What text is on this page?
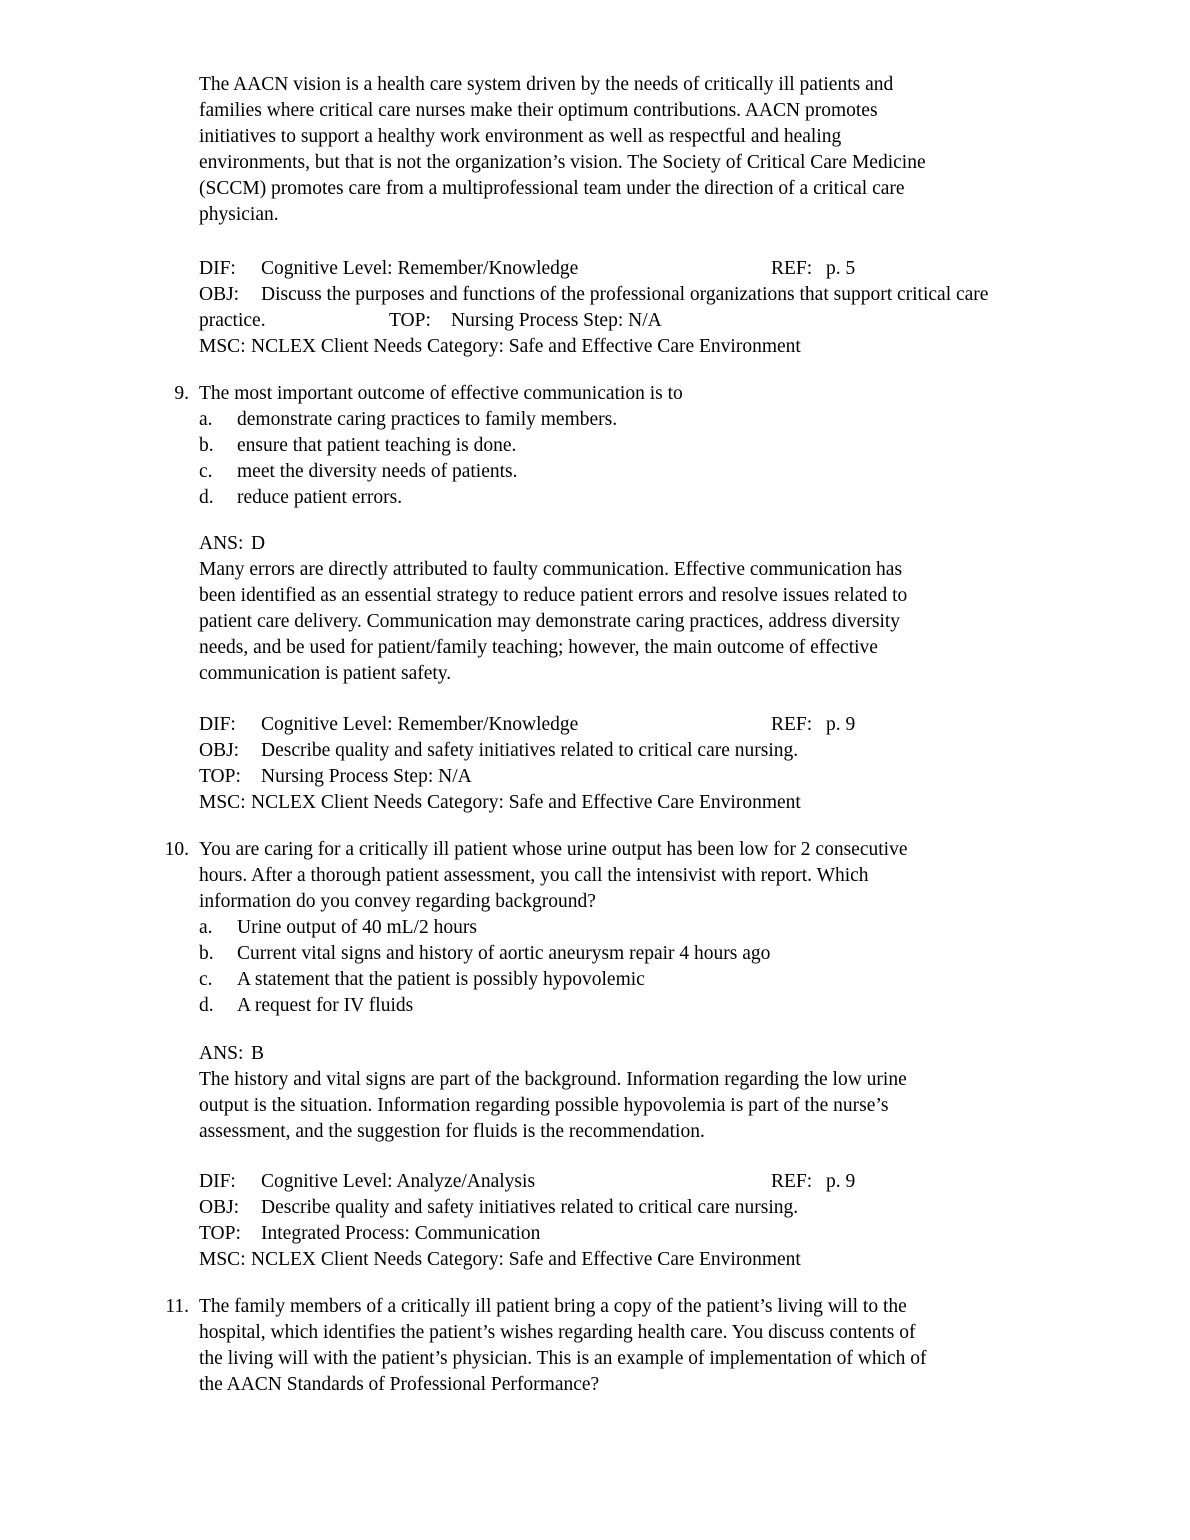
The AACN vision is a health care system driven by the needs of critically ill patients and
families where critical care nurses make their optimum contributions. AACN promotes
initiatives to support a healthy work environment as well as respectful and healing
environments, but that is not the organization’s vision. The Society of Critical Care Medicine
(SCCM) promotes care from a multiprofessional team under the direction of a critical care
physician.
DIF: Cognitive Level: Remember/Knowledge	REF: p. 5
OBJ: Discuss the purposes and functions of the professional organizations that support critical care
practice.	TOP: Nursing Process Step: N/A
MSC: NCLEX Client Needs Category: Safe and Effective Care Environment
9. The most important outcome of effective communication is to
a.	demonstrate caring practices to family members.
b.	ensure that patient teaching is done.
c.	meet the diversity needs of patients.
d.	reduce patient errors.
ANS: D
Many errors are directly attributed to faulty communication. Effective communication has
been identified as an essential strategy to reduce patient errors and resolve issues related to
patient care delivery. Communication may demonstrate caring practices, address diversity
needs, and be used for patient/family teaching; however, the main outcome of effective
communication is patient safety.
DIF: Cognitive Level: Remember/Knowledge	REF: p. 9
OBJ: Describe quality and safety initiatives related to critical care nursing.
TOP: Nursing Process Step: N/A
MSC: NCLEX Client Needs Category: Safe and Effective Care Environment
10. You are caring for a critically ill patient whose urine output has been low for 2 consecutive
hours. After a thorough patient assessment, you call the intensivist with report. Which
information do you convey regarding background?
a.	Urine output of 40 mL/2 hours
b.	Current vital signs and history of aortic aneurysm repair 4 hours ago
c.	A statement that the patient is possibly hypovolemic
d.	A request for IV fluids
ANS: B
The history and vital signs are part of the background. Information regarding the low urine
output is the situation. Information regarding possible hypovolemia is part of the nurse’s
assessment, and the suggestion for fluids is the recommendation.
DIF: Cognitive Level: Analyze/Analysis	REF: p. 9
OBJ: Describe quality and safety initiatives related to critical care nursing.
TOP: Integrated Process: Communication
MSC: NCLEX Client Needs Category: Safe and Effective Care Environment
11. The family members of a critically ill patient bring a copy of the patient’s living will to the
hospital, which identifies the patient’s wishes regarding health care. You discuss contents of
the living will with the patient’s physician. This is an example of implementation of which of
the AACN Standards of Professional Performance?
